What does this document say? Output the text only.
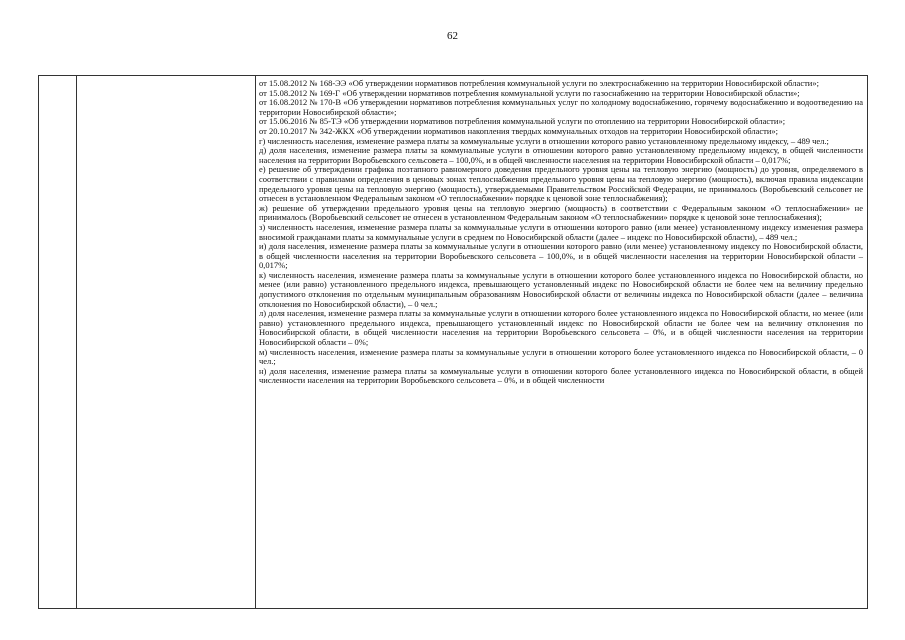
62

от 15.08.2012 № 168-ЭЭ «Об утверждении нормативов потребления коммунальной услуги по электроснабжению на территории Новосибирской области»;

от 15.08.2012 № 169-Г «Об утверждении нормативов потребления коммунальной услуги по газоснабжению на территории Новосибирской области»;

от 16.08.2012 № 170-В «Об утверждении нормативов потребления коммунальных услуг по холодному водоснабжению, горячему водоснабжению и водоотведению на территории Новосибирской области»;

от 15.06.2016 № 85-ТЭ «Об утверждении нормативов потребления коммунальной услуги по отоплению на территории Новосибирской области»;

от 20.10.2017 № 342-ЖКХ «Об утверждении нормативов накопления твердых коммунальных отходов на территории Новосибирской области»;

г) численность населения, изменение размера платы за коммунальные услуги в отношении которого равно установленному предельному индексу, – 489 чел.;

д) доля населения, изменение размера платы за коммунальные услуги в отношении которого равно установленному предельному индексу, в общей численности населения на территории Воробьевского сельсовета – 100,0%, и в общей численности населения на территории Новосибирской области – 0,017%;

е) решение об утверждении графика поэтапного равномерного доведения предельного уровня цены на тепловую энергию (мощность) до уровня, определяемого в соответствии с правилами определения в ценовых зонах теплоснабжения предельного уровня цены на тепловую энергию (мощность), включая правила индексации предельного уровня цены на тепловую энергию (мощность), утверждаемыми Правительством Российской Федерации, не принималось (Воробьевский сельсовет не отнесен в установленном Федеральным законом «О теплоснабжении» порядке к ценовой зоне теплоснабжения);

ж) решение об утверждении предельного уровня цены на тепловую энергию (мощность) в соответствии с Федеральным законом «О теплоснабжении» не принималось (Воробьевский сельсовет не отнесен в установленном Федеральным законом «О теплоснабжении» порядке к ценовой зоне теплоснабжения);

з) численность населения, изменение размера платы за коммунальные услуги в отношении которого равно (или менее) установленному индексу изменения размера вносимой гражданами платы за коммунальные услуги в среднем по Новосибирской области (далее – индекс по Новосибирской области), – 489 чел.;

и) доля населения, изменение размера платы за коммунальные услуги в отношении которого равно (или менее) установленному индексу по Новосибирской области, в общей численности населения на территории Воробьевского сельсовета – 100,0%, и в общей численности населения на территории Новосибирской области – 0,017%;

к) численность населения, изменение размера платы за коммунальные услуги в отношении которого более установленного индекса по Новосибирской области, но менее (или равно) установленного предельного индекса, превышающего установленный индекс по Новосибирской области не более чем на величину предельно допустимого отклонения по отдельным муниципальным образованиям Новосибирской области от величины индекса по Новосибирской области (далее – величина отклонения по Новосибирской области), – 0 чел.;

л) доля населения, изменение размера платы за коммунальные услуги в отношении которого более установленного индекса по Новосибирской области, но менее (или равно) установленного предельного индекса, превышающего установленный индекс по Новосибирской области не более чем на величину отклонения по Новосибирской области, в общей численности населения на территории Воробьевского сельсовета – 0%, и в общей численности населения на территории Новосибирской области – 0%;

м) численность населения, изменение размера платы за коммунальные услуги в отношении которого более установленного индекса по Новосибирской области, – 0 чел.;

н) доля населения, изменение размера платы за коммунальные услуги в отношении которого более установленного индекса по Новосибирской области, в общей численности населения на территории Воробьевского сельсовета – 0%, и в общей численности
